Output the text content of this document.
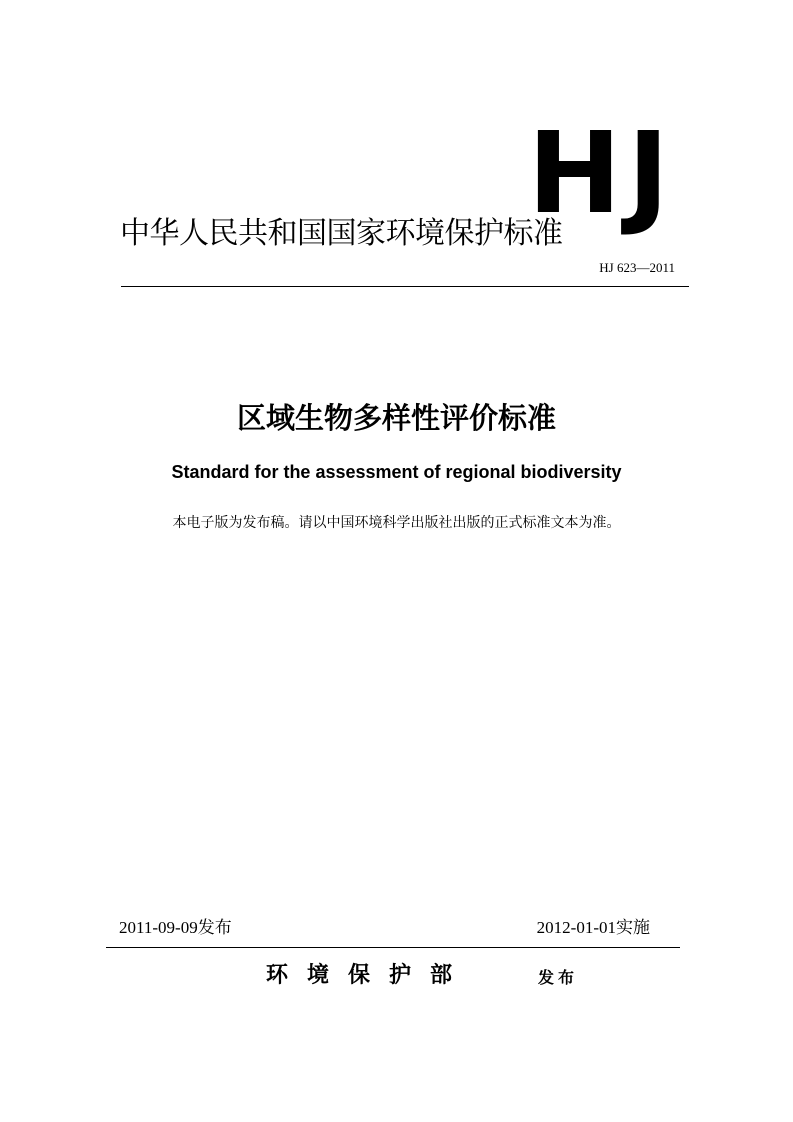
HJ
中华人民共和国国家环境保护标准
HJ 623—2011
区域生物多样性评价标准
Standard for the assessment of regional biodiversity
本电子版为发布稿。请以中国环境科学出版社出版的正式标准文本为准。
2011-09-09发布	2012-01-01实施
环境保护部	发布
